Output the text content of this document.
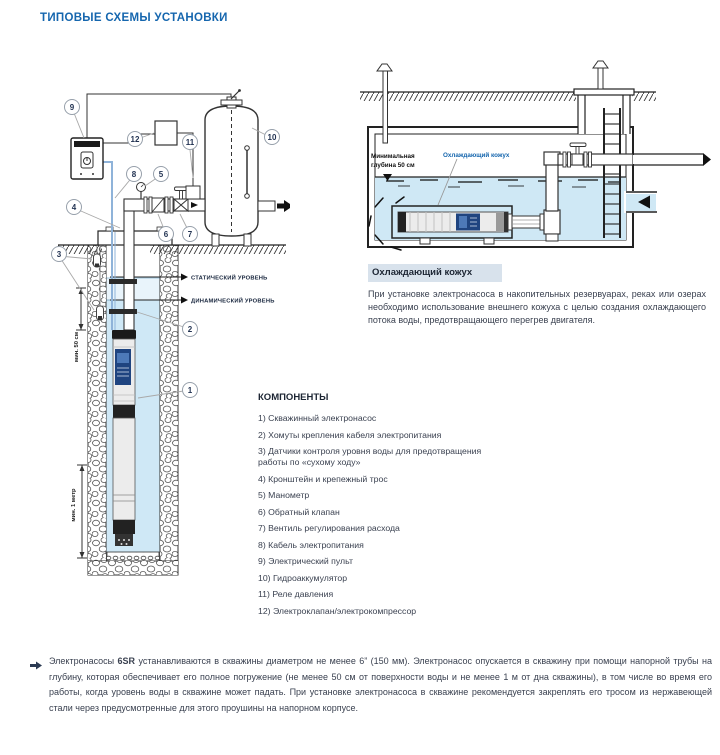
ТИПОВЫЕ СХЕМЫ УСТАНОВКИ
мин. 50 см
мин. 1 метр
СТАТИЧЕСКИЙ УРОВЕНЬ
ДИНАМИЧЕСКИЙ УРОВЕНЬ
1
2
3
4
5
6	7
8
9
10
11
12
Минимальная
глубина 50 см
Охлаждающий кожух
Охлаждающий кожух

При установке электронасоса в накопительных резервуарах, реках или озерах необходимо использование внешнего кожуха с целью создания охлаждающего потока воды, предотвращающего перегрев двигателя.

КОМПОНЕНТЫ
1) Скважинный электронасос
2) Хомуты крепления кабеля электропитания
3) Датчики контроля уровня воды для предотвращения работы по «сухому ходу»
4) Кронштейн и крепежный трос
5) Манометр
6) Обратный клапан
7) Вентиль регулирования расхода
8) Кабель электропитания
9) Электрический пульт
10) Гидроаккумулятор
11) Реле давления
12) Электроклапан/электрокомпрессор

Электронасосы 6SR устанавливаются в скважины диаметром не менее 6” (150 мм). Электронасос опускается в скважину при помощи напорной трубы на глубину, которая обеспечивает его полное погружение (не менее 50 см от поверхности воды и не менее 1 м от дна скважины), в том числе во время его работы, когда уровень воды в скважине может падать. При установке электронасоса в скважине рекомендуется закреплять его тросом из нержавеющей стали через предусмотренные для этого проушины на напорном корпусе.
